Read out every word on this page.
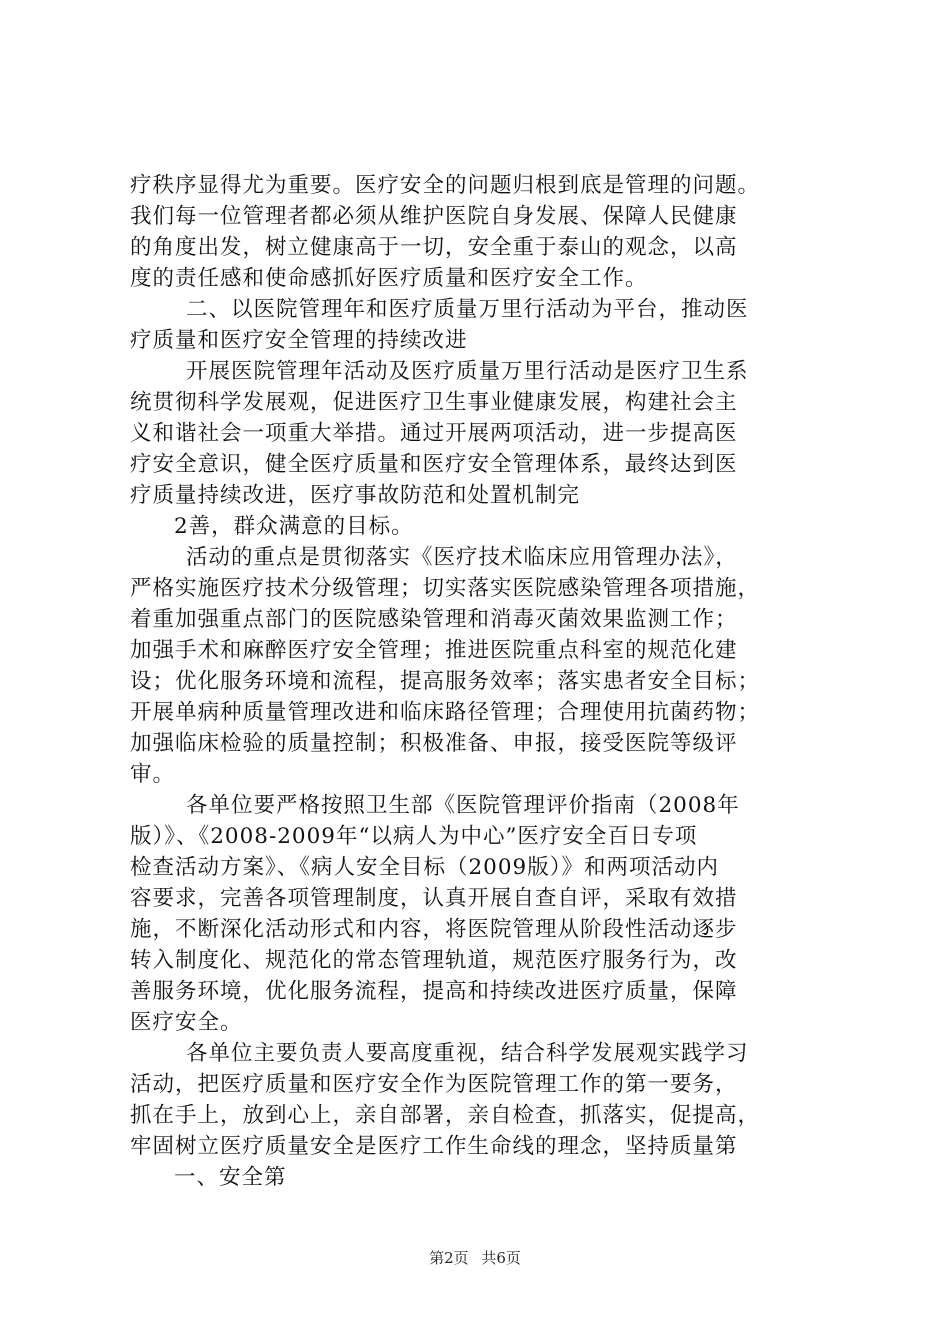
疗秩序显得尤为重要。医疗安全的问题归根到底是管理的问题。
我们每一位管理者都必须从维护医院自身发展、保障人民健康
的角度出发，树立健康高于一切，安全重于泰山的观念，以高
度的责任感和使命感抓好医疗质量和医疗安全工作。
二、以医院管理年和医疗质量万里行活动为平台，推动医
疗质量和医疗安全管理的持续改进
开展医院管理年活动及医疗质量万里行活动是医疗卫生系
统贯彻科学发展观，促进医疗卫生事业健康发展，构建社会主
义和谐社会一项重大举措。通过开展两项活动，进一步提高医
疗安全意识，健全医疗质量和医疗安全管理体系，最终达到医
疗质量持续改进，医疗事故防范和处置机制完
2善，群众满意的目标。
活动的重点是贯彻落实《医疗技术临床应用管理办法》，
严格实施医疗技术分级管理；切实落实医院感染管理各项措施，
着重加强重点部门的医院感染管理和消毒灭菌效果监测工作；
加强手术和麻醉医疗安全管理；推进医院重点科室的规范化建
设；优化服务环境和流程，提高服务效率；落实患者安全目标；
开展单病种质量管理改进和临床路径管理；合理使用抗菌药物；
加强临床检验的质量控制；积极准备、申报，接受医院等级评
审。
各单位要严格按照卫生部《医院管理评价指南（2008年
版）》、《2008-2009年“以病人为中心”医疗安全百日专项
检查活动方案》、《病人安全目标（2009版）》和两项活动内
容要求，完善各项管理制度，认真开展自查自评，采取有效措
施，不断深化活动形式和内容，将医院管理从阶段性活动逐步
转入制度化、规范化的常态管理轨道，规范医疗服务行为，改
善服务环境，优化服务流程，提高和持续改进医疗质量，保障
医疗安全。
各单位主要负责人要高度重视，结合科学发展观实践学习
活动，把医疗质量和医疗安全作为医院管理工作的第一要务，
抓在手上，放到心上，亲自部署，亲自检查，抓落实，促提高，
牢固树立医疗质量安全是医疗工作生命线的理念，坚持质量第
一、安全第
第2页 共6页
